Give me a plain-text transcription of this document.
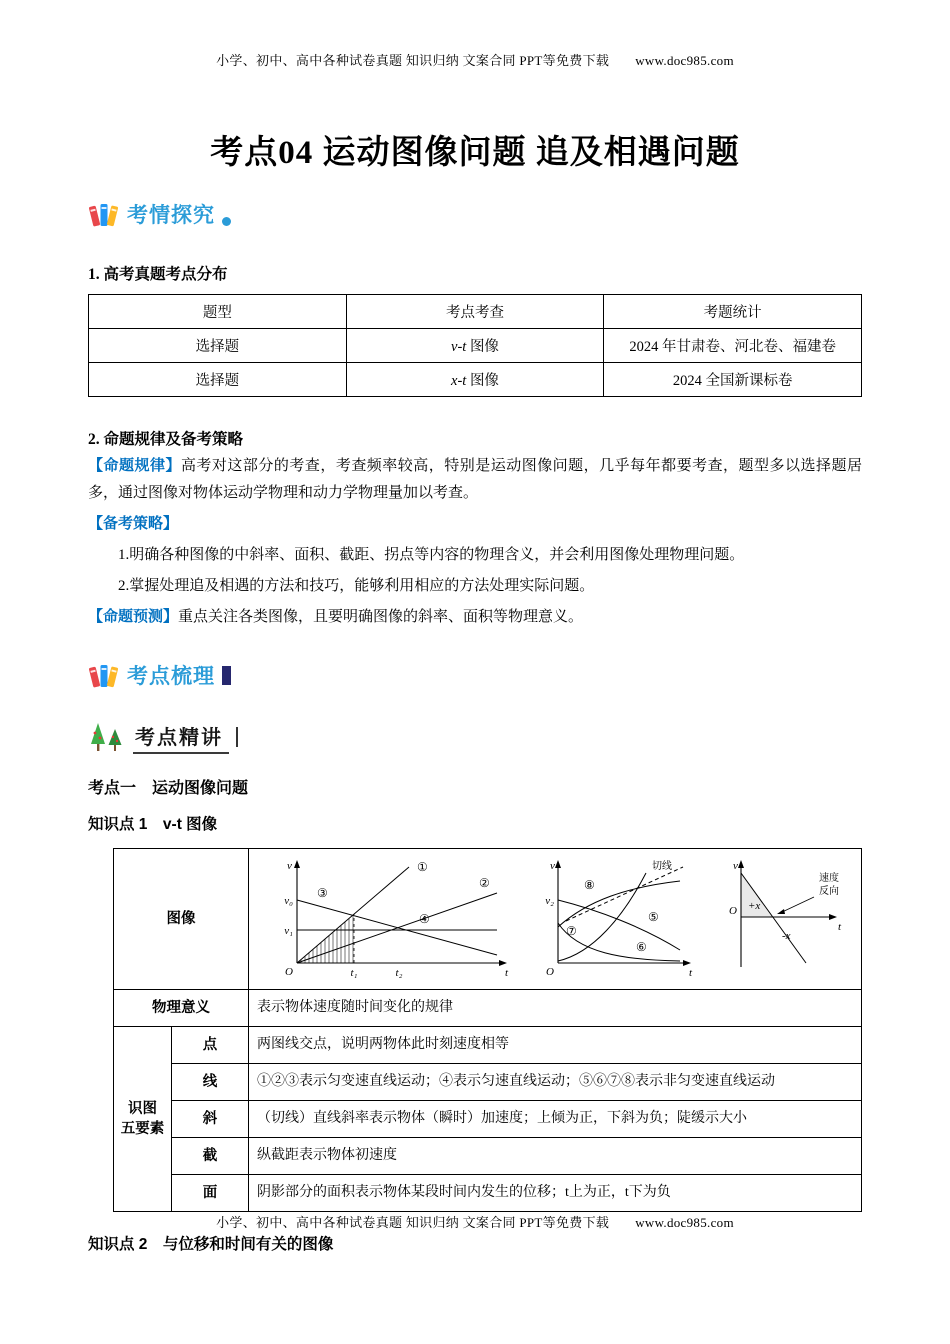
小学、初中、高中各种试卷真题 知识归纳 文案合同 PPT等免费下载 www.doc985.com
考点04 运动图像问题 追及相遇问题
考情探究
1. 高考真题考点分布
题型	考点考查	考题统计
选择题	v-t 图像	2024 年甘肃卷、河北卷、福建卷
选择题	x-t 图像	2024 全国新课标卷
2. 命题规律及备考策略

【命题规律】高考对这部分的考查，考查频率较高，特别是运动图像问题，几乎每年都要考查，题型多以选择题居多，通过图像对物体运动学物理和动力学物理量加以考查。

【备考策略】

1.明确各种图像的中斜率、面积、截距、拐点等内容的物理含义，并会利用图像处理物理问题。

2.掌握处理追及相遇的方法和技巧，能够利用相应的方法处理实际问题。

【命题预测】重点关注各类图像，且要明确图像的斜率、面积等物理意义。

考点梳理
考点精讲
考点一　运动图像问题
知识点 1　v-t 图像
图像	
v
t
O
v₀
v₁
t₁	t₂
①
②
③
④
v
t
O
v₂
切线
⑤
⑥
⑦
⑧
v
t
O +x
-x
速度
反向

物理意义		表示物体速度随时间变化的规律

识图
五要素	点	两图线交点，说明两物体此时刻速度相等
	线	①②③表示匀变速直线运动；④表示匀速直线运动；⑤⑥⑦⑧表示非匀变速直线运动
	斜	（切线）直线斜率表示物体（瞬时）加速度；上倾为正，下斜为负；陡缓示大小
	截	纵截距表示物体初速度
	面	阴影部分的面积表示物体某段时间内发生的位移；t上为正，t下为负
知识点 2　与位移和时间有关的图像
小学、初中、高中各种试卷真题 知识归纳 文案合同 PPT等免费下载 www.doc985.com
